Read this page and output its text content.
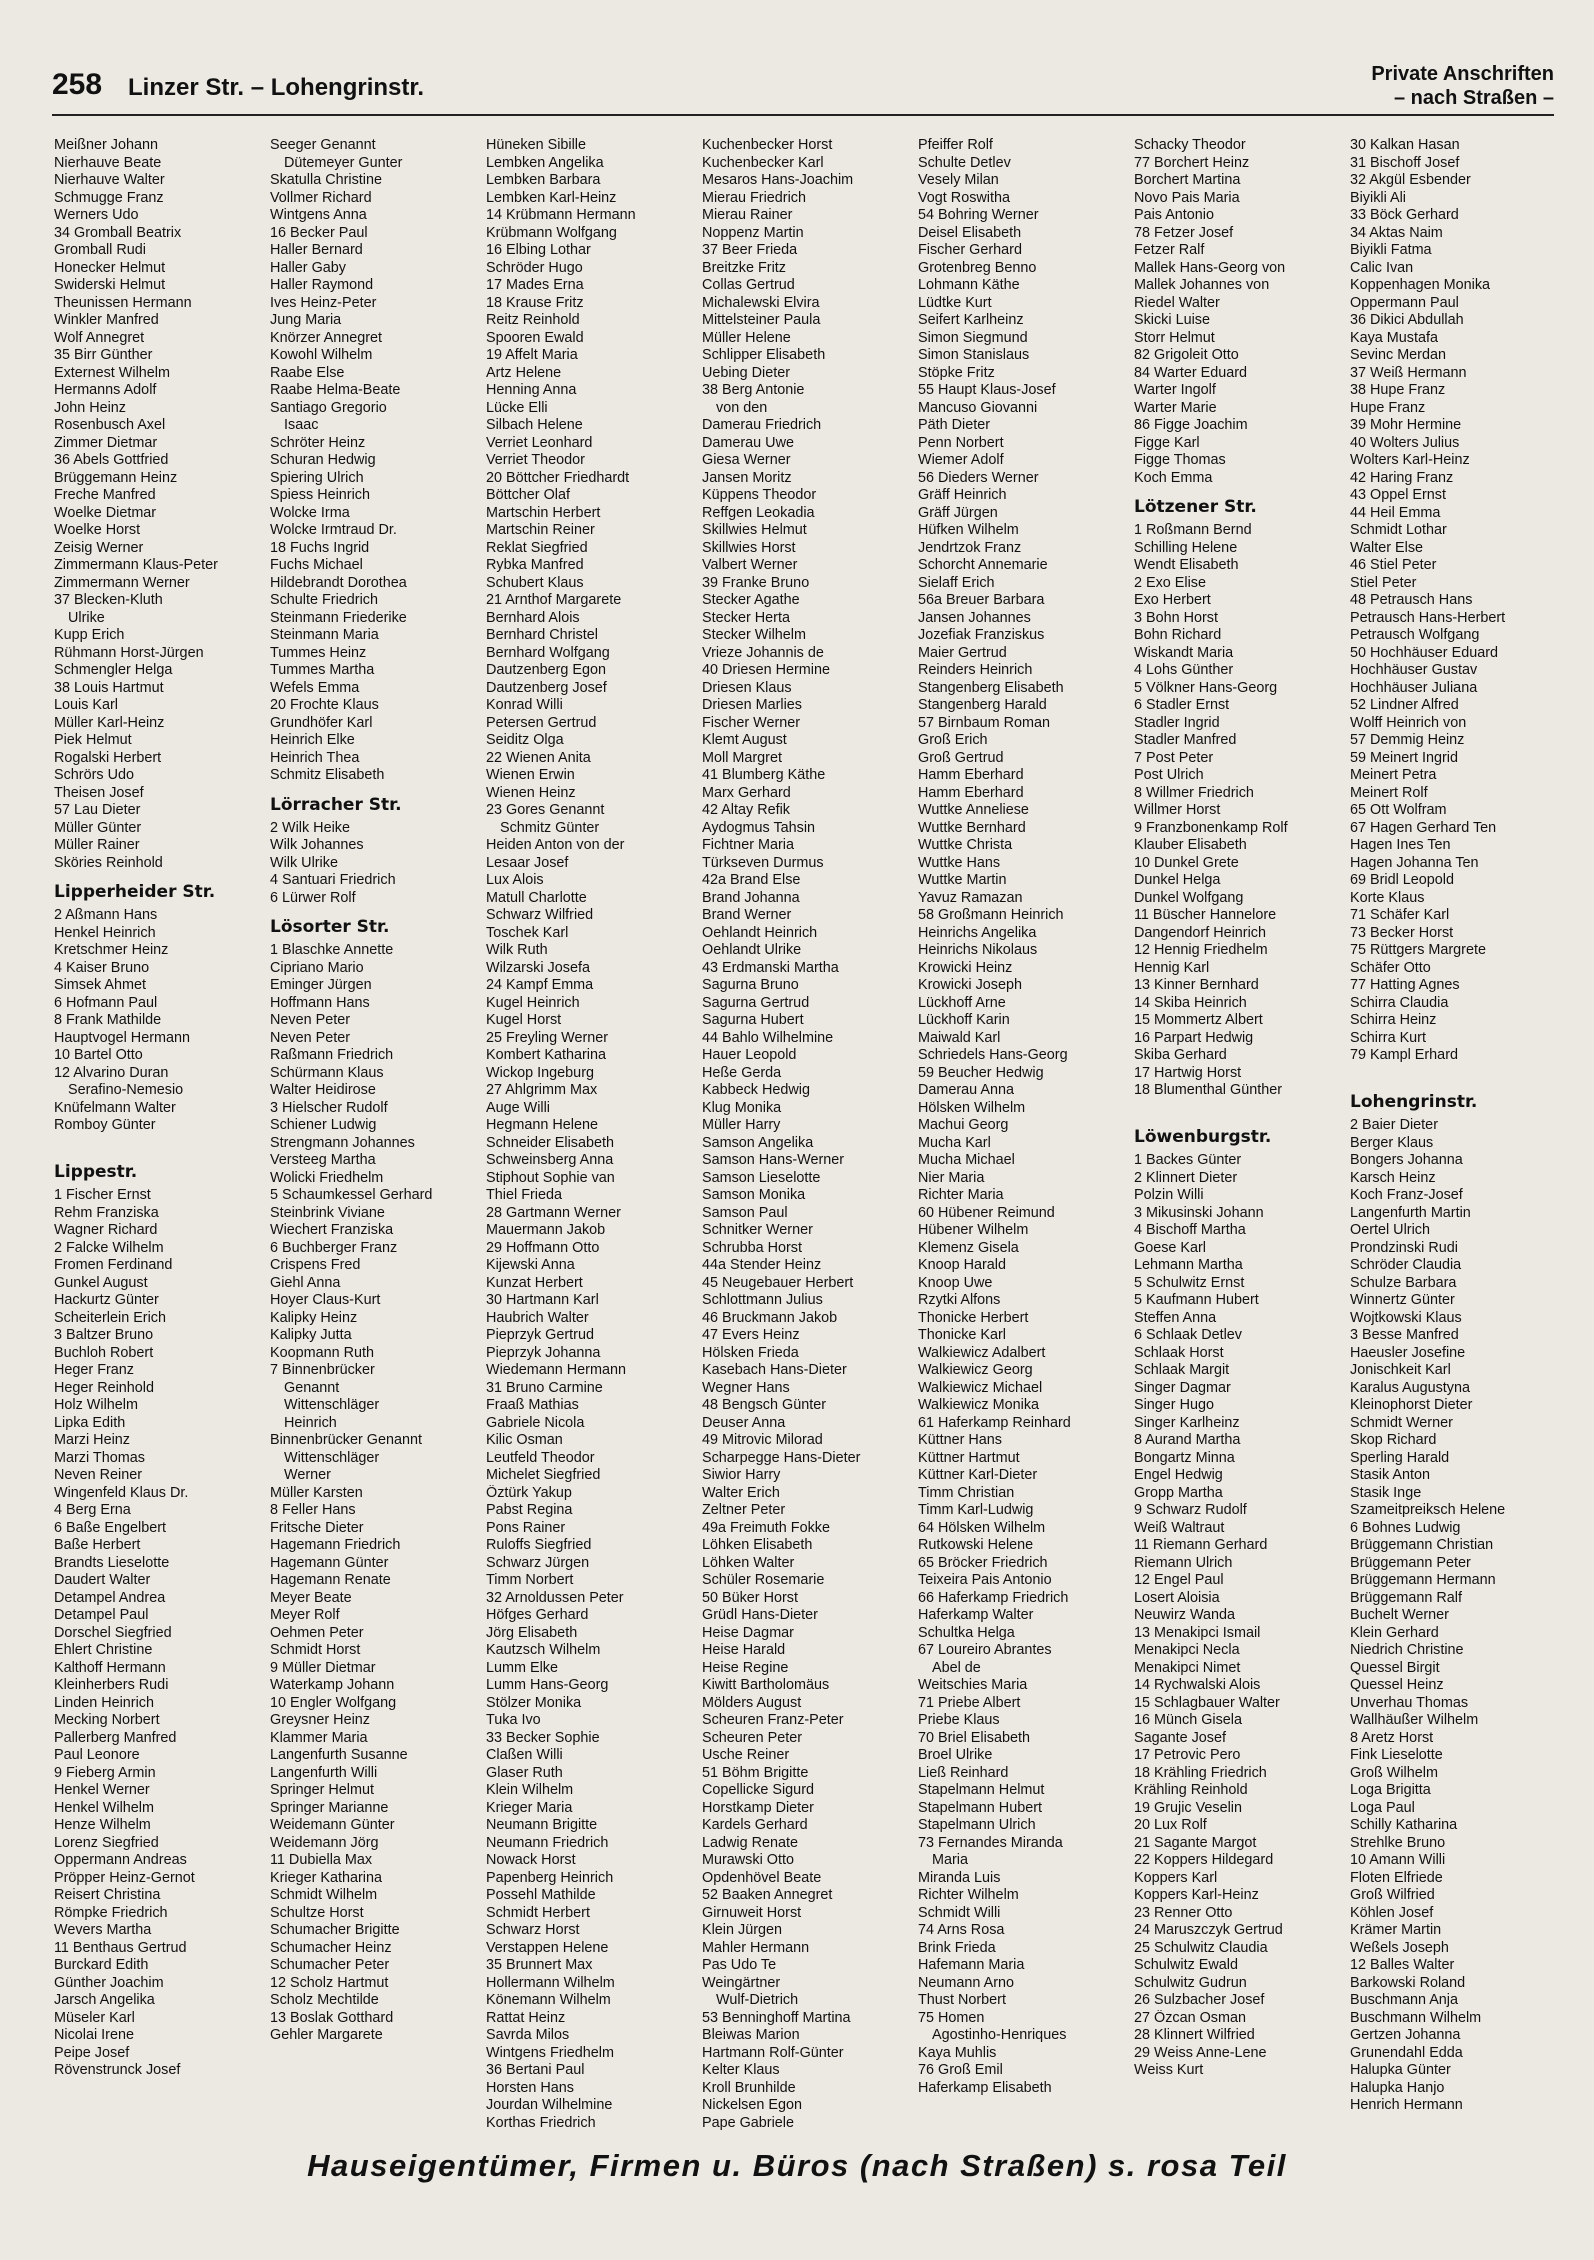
258 Linzer Str. – Lohengrinstr.	Private Anschriften
– nach Straßen –
Meißner Johann
Nierhauve Beate
Nierhauve Walter
Schmugge Franz
Werners Udo
34 Gromball Beatrix
Gromball Rudi
Honecker Helmut
Swiderski Helmut
Theunissen Hermann
Winkler Manfred
Wolf Annegret
35 Birr Günther
Externest Wilhelm
Hermanns Adolf
John Heinz
Rosenbusch Axel
Zimmer Dietmar
36 Abels Gottfried
Brüggemann Heinz
Freche Manfred
Woelke Dietmar
Woelke Horst
Zeisig Werner
Zimmermann Klaus-Peter
Zimmermann Werner
37 Blecken-Kluth
Ulrike
Kupp Erich
Rühmann Horst-Jürgen
Schmengler Helga
38 Louis Hartmut
Louis Karl
Müller Karl-Heinz
Piek Helmut
Rogalski Herbert
Schrörs Udo
Theisen Josef
57 Lau Dieter
Müller Günter
Müller Rainer
Sköries Reinhold
Lipperheider Str.
2 Aßmann Hans
Henkel Heinrich
Kretschmer Heinz
4 Kaiser Bruno
Simsek Ahmet
6 Hofmann Paul
8 Frank Mathilde
Hauptvogel Hermann
10 Bartel Otto
12 Alvarino Duran
Serafino-Nemesio
Knüfelmann Walter
Romboy Günter
Lippestr.
1 Fischer Ernst
Rehm Franziska
Wagner Richard
2 Falcke Wilhelm
Fromen Ferdinand
Gunkel August
Hackurtz Günter
Scheiterlein Erich
3 Baltzer Bruno
Buchloh Robert
Heger Franz
Heger Reinhold
Holz Wilhelm
Lipka Edith
Marzi Heinz
Marzi Thomas
Neven Reiner
Wingenfeld Klaus Dr.
4 Berg Erna
6 Baße Engelbert
Baße Herbert
Brandts Lieselotte
Daudert Walter
Detampel Andrea
Detampel Paul
Dorschel Siegfried
Ehlert Christine
Kalthoff Hermann
Kleinherbers Rudi
Linden Heinrich
Mecking Norbert
Pallerberg Manfred
Paul Leonore
9 Fieberg Armin
Henkel Werner
Henkel Wilhelm
Henze Wilhelm
Lorenz Siegfried
Oppermann Andreas
Pröpper Heinz-Gernot
Reisert Christina
Römpke Friedrich
Wevers Martha
11 Benthaus Gertrud
Burckard Edith
Günther Joachim
Jarsch Angelika
Müseler Karl
Nicolai Irene
Peipe Josef
Rövenstrunck Josef
Seeger Genannt
Dütemeyer Gunter
Skatulla Christine
Vollmer Richard
Wintgens Anna
16 Becker Paul
Haller Bernard
Haller Gaby
Haller Raymond
Ives Heinz-Peter
Jung Maria
Knörzer Annegret
Kowohl Wilhelm
Raabe Else
Raabe Helma-Beate
Santiago Gregorio
Isaac
Schröter Heinz
Schuran Hedwig
Spiering Ulrich
Spiess Heinrich
Wolcke Irma
Wolcke Irmtraud Dr.
18 Fuchs Ingrid
Fuchs Michael
Hildebrandt Dorothea
Schulte Friedrich
Steinmann Friederike
Steinmann Maria
Tummes Heinz
Tummes Martha
Wefels Emma
20 Frochte Klaus
Grundhöfer Karl
Heinrich Elke
Heinrich Thea
Schmitz Elisabeth
Lörracher Str.
2 Wilk Heike
Wilk Johannes
Wilk Ulrike
4 Santuari Friedrich
6 Lürwer Rolf
Lösorter Str.
1 Blaschke Annette
Cipriano Mario
Eminger Jürgen
Hoffmann Hans
Neven Peter
Neven Peter
Raßmann Friedrich
Schürmann Klaus
Walter Heidirose
3 Hielscher Rudolf
Schiener Ludwig
Strengmann Johannes
Versteeg Martha
Wolicki Friedhelm
5 Schaumkessel Gerhard
Steinbrink Viviane
Wiechert Franziska
6 Buchberger Franz
Crispens Fred
Giehl Anna
Hoyer Claus-Kurt
Kalipky Heinz
Kalipky Jutta
Koopmann Ruth
7 Binnenbrücker
Genannt
Wittenschläger
Heinrich
Binnenbrücker Genannt
Wittenschläger
Werner
Müller Karsten
8 Feller Hans
Fritsche Dieter
Hagemann Friedrich
Hagemann Günter
Hagemann Renate
Meyer Beate
Meyer Rolf
Oehmen Peter
Schmidt Horst
9 Müller Dietmar
Waterkamp Johann
10 Engler Wolfgang
Greysner Heinz
Klammer Maria
Langenfurth Susanne
Langenfurth Willi
Springer Helmut
Springer Marianne
Weidemann Günter
Weidemann Jörg
11 Dubiella Max
Krieger Katharina
Schmidt Wilhelm
Schultze Horst
Schumacher Brigitte
Schumacher Heinz
Schumacher Peter
12 Scholz Hartmut
Scholz Mechtilde
13 Boslak Gotthard
Gehler Margarete
Hüneken Sibille
Lembken Angelika
Lembken Barbara
Lembken Karl-Heinz
14 Krübmann Hermann
Krübmann Wolfgang
16 Elbing Lothar
Schröder Hugo
17 Mades Erna
18 Krause Fritz
Reitz Reinhold
Spooren Ewald
19 Affelt Maria
Artz Helene
Henning Anna
Lücke Elli
Silbach Helene
Verriet Leonhard
Verriet Theodor
20 Böttcher Friedhardt
Böttcher Olaf
Martschin Herbert
Martschin Reiner
Reklat Siegfried
Rybka Manfred
Schubert Klaus
21 Arnthof Margarete
Bernhard Alois
Bernhard Christel
Bernhard Wolfgang
Dautzenberg Egon
Dautzenberg Josef
Konrad Willi
Petersen Gertrud
Seiditz Olga
22 Wienen Anita
Wienen Erwin
Wienen Heinz
23 Gores Genannt
Schmitz Günter
Heiden Anton von der
Lesaar Josef
Lux Alois
Matull Charlotte
Schwarz Wilfried
Toschek Karl
Wilk Ruth
Wilzarski Josefa
24 Kampf Emma
Kugel Heinrich
Kugel Horst
25 Freyling Werner
Kombert Katharina
Wickop Ingeburg
27 Ahlgrimm Max
Auge Willi
Hegmann Helene
Schneider Elisabeth
Schweinsberg Anna
Stiphout Sophie van
Thiel Frieda
28 Gartmann Werner
Mauermann Jakob
29 Hoffmann Otto
Kijewski Anna
Kunzat Herbert
30 Hartmann Karl
Haubrich Walter
Pieprzyk Gertrud
Pieprzyk Johanna
Wiedemann Hermann
31 Bruno Carmine
Fraaß Mathias
Gabriele Nicola
Kilic Osman
Leutfeld Theodor
Michelet Siegfried
Öztürk Yakup
Pabst Regina
Pons Rainer
Ruloffs Siegfried
Schwarz Jürgen
Timm Norbert
32 Arnoldussen Peter
Höfges Gerhard
Jörg Elisabeth
Kautzsch Wilhelm
Lumm Elke
Lumm Hans-Georg
Stölzer Monika
Tuka Ivo
33 Becker Sophie
Claßen Willi
Glaser Ruth
Klein Wilhelm
Krieger Maria
Neumann Brigitte
Neumann Friedrich
Nowack Horst
Papenberg Heinrich
Possehl Mathilde
Schmidt Herbert
Schwarz Horst
Verstappen Helene
35 Brunnert Max
Hollermann Wilhelm
Könemann Wilhelm
Rattat Heinz
Savrda Milos
Wintgens Friedhelm
36 Bertani Paul
Horsten Hans
Jourdan Wilhelmine
Korthas Friedrich
Kuchenbecker Horst
Kuchenbecker Karl
Mesaros Hans-Joachim
Mierau Friedrich
Mierau Rainer
Noppenz Martin
37 Beer Frieda
Breitzke Fritz
Collas Gertrud
Michalewski Elvira
Mittelsteiner Paula
Müller Helene
Schlipper Elisabeth
Uebing Dieter
38 Berg Antonie
von den
Damerau Friedrich
Damerau Uwe
Giesa Werner
Jansen Moritz
Küppens Theodor
Reffgen Leokadia
Skillwies Helmut
Skillwies Horst
Valbert Werner
39 Franke Bruno
Stecker Agathe
Stecker Herta
Stecker Wilhelm
Vrieze Johannis de
40 Driesen Hermine
Driesen Klaus
Driesen Marlies
Fischer Werner
Klemt August
Moll Margret
41 Blumberg Käthe
Marx Gerhard
42 Altay Refik
Aydogmus Tahsin
Fichtner Maria
Türkseven Durmus
42a Brand Else
Brand Johanna
Brand Werner
Oehlandt Heinrich
Oehlandt Ulrike
43 Erdmanski Martha
Sagurna Bruno
Sagurna Gertrud
Sagurna Hubert
44 Bahlo Wilhelmine
Hauer Leopold
Heße Gerda
Kabbeck Hedwig
Klug Monika
Müller Harry
Samson Angelika
Samson Hans-Werner
Samson Lieselotte
Samson Monika
Samson Paul
Schnitker Werner
Schrubba Horst
44a Stender Heinz
45 Neugebauer Herbert
Schlottmann Julius
46 Bruckmann Jakob
47 Evers Heinz
Hölsken Frieda
Kasebach Hans-Dieter
Wegner Hans
48 Bengsch Günter
Deuser Anna
49 Mitrovic Milorad
Scharpegge Hans-Dieter
Siwior Harry
Walter Erich
Zeltner Peter
49a Freimuth Fokke
Löhken Elisabeth
Löhken Walter
Schüler Rosemarie
50 Büker Horst
Grüdl Hans-Dieter
Heise Dagmar
Heise Harald
Heise Regine
Kiwitt Bartholomäus
Mölders August
Scheuren Franz-Peter
Scheuren Peter
Usche Reiner
51 Böhm Brigitte
Copellicke Sigurd
Horstkamp Dieter
Kardels Gerhard
Ladwig Renate
Murawski Otto
Opdenhövel Beate
52 Baaken Annegret
Girnuweit Horst
Klein Jürgen
Mahler Hermann
Pas Udo Te
Weingärtner
Wulf-Dietrich
53 Benninghoff Martina
Bleiwas Marion
Hartmann Rolf-Günter
Kelter Klaus
Kroll Brunhilde
Nickelsen Egon
Pape Gabriele
Pfeiffer Rolf
Schulte Detlev
Vesely Milan
Vogt Roswitha
54 Bohring Werner
Deisel Elisabeth
Fischer Gerhard
Grotenbreg Benno
Lohmann Käthe
Lüdtke Kurt
Seifert Karlheinz
Simon Siegmund
Simon Stanislaus
Stöpke Fritz
55 Haupt Klaus-Josef
Mancuso Giovanni
Päth Dieter
Penn Norbert
Wiemer Adolf
56 Dieders Werner
Gräff Heinrich
Gräff Jürgen
Hüfken Wilhelm
Jendrtzok Franz
Schorcht Annemarie
Sielaff Erich
56a Breuer Barbara
Jansen Johannes
Jozefiak Franziskus
Maier Gertrud
Reinders Heinrich
Stangenberg Elisabeth
Stangenberg Harald
57 Birnbaum Roman
Groß Erich
Groß Gertrud
Hamm Eberhard
Hamm Eberhard
Wuttke Anneliese
Wuttke Bernhard
Wuttke Christa
Wuttke Hans
Wuttke Martin
Yavuz Ramazan
58 Großmann Heinrich
Heinrichs Angelika
Heinrichs Nikolaus
Krowicki Heinz
Krowicki Joseph
Lückhoff Arne
Lückhoff Karin
Maiwald Karl
Schriedels Hans-Georg
59 Beucher Hedwig
Damerau Anna
Hölsken Wilhelm
Machui Georg
Mucha Karl
Mucha Michael
Nier Maria
Richter Maria
60 Hübener Reimund
Hübener Wilhelm
Klemenz Gisela
Knoop Harald
Knoop Uwe
Rzytki Alfons
Thonicke Herbert
Thonicke Karl
Walkiewicz Adalbert
Walkiewicz Georg
Walkiewicz Michael
Walkiewicz Monika
61 Haferkamp Reinhard
Küttner Hans
Küttner Hartmut
Küttner Karl-Dieter
Timm Christian
Timm Karl-Ludwig
64 Hölsken Wilhelm
Rutkowski Helene
65 Bröcker Friedrich
Teixeira Pais Antonio
66 Haferkamp Friedrich
Haferkamp Walter
Schultka Helga
67 Loureiro Abrantes
Abel de
Weitschies Maria
71 Priebe Albert
Priebe Klaus
70 Briel Elisabeth
Broel Ulrike
Ließ Reinhard
Stapelmann Helmut
Stapelmann Hubert
Stapelmann Ulrich
73 Fernandes Miranda
Maria
Miranda Luis
Richter Wilhelm
Schmidt Willi
74 Arns Rosa
Brink Frieda
Hafemann Maria
Neumann Arno
Thust Norbert
75 Homen
Agostinho-Henriques
Kaya Muhlis
76 Groß Emil
Haferkamp Elisabeth
Schacky Theodor
77 Borchert Heinz
Borchert Martina
Novo Pais Maria
Pais Antonio
78 Fetzer Josef
Fetzer Ralf
Mallek Hans-Georg von
Mallek Johannes von
Riedel Walter
Skicki Luise
Storr Helmut
82 Grigoleit Otto
84 Warter Eduard
Warter Ingolf
Warter Marie
86 Figge Joachim
Figge Karl
Figge Thomas
Koch Emma
Lötzener Str.
1 Roßmann Bernd
Schilling Helene
Wendt Elisabeth
2 Exo Elise
Exo Herbert
3 Bohn Horst
Bohn Richard
Wiskandt Maria
4 Lohs Günther
5 Völkner Hans-Georg
6 Stadler Ernst
Stadler Ingrid
Stadler Manfred
7 Post Peter
Post Ulrich
8 Willmer Friedrich
Willmer Horst
9 Franzbonenkamp Rolf
Klauber Elisabeth
10 Dunkel Grete
Dunkel Helga
Dunkel Wolfgang
11 Büscher Hannelore
Dangendorf Heinrich
12 Hennig Friedhelm
Hennig Karl
13 Kinner Bernhard
14 Skiba Heinrich
15 Mommertz Albert
16 Parpart Hedwig
Skiba Gerhard
17 Hartwig Horst
18 Blumenthal Günther
Löwenburgstr.
1 Backes Günter
2 Klinnert Dieter
Polzin Willi
3 Mikusinski Johann
4 Bischoff Martha
Goese Karl
Lehmann Martha
5 Schulwitz Ernst
5 Kaufmann Hubert
Steffen Anna
6 Schlaak Detlev
Schlaak Horst
Schlaak Margit
Singer Dagmar
Singer Hugo
Singer Karlheinz
8 Aurand Martha
Bongartz Minna
Engel Hedwig
Gropp Martha
9 Schwarz Rudolf
Weiß Waltraut
11 Riemann Gerhard
Riemann Ulrich
12 Engel Paul
Losert Aloisia
Neuwirz Wanda
13 Menakipci Ismail
Menakipci Necla
Menakipci Nimet
14 Rychwalski Alois
15 Schlagbauer Walter
16 Münch Gisela
Sagante Josef
17 Petrovic Pero
18 Krähling Friedrich
Krähling Reinhold
19 Grujic Veselin
20 Lux Rolf
21 Sagante Margot
22 Koppers Hildegard
Koppers Karl
Koppers Karl-Heinz
23 Renner Otto
24 Maruszczyk Gertrud
25 Schulwitz Claudia
Schulwitz Ewald
Schulwitz Gudrun
26 Sulzbacher Josef
27 Özcan Osman
28 Klinnert Wilfried
29 Weiss Anne-Lene
Weiss Kurt
30 Kalkan Hasan
31 Bischoff Josef
32 Akgül Esbender
Biyikli Ali
33 Böck Gerhard
34 Aktas Naim
Biyikli Fatma
Calic Ivan
Koppenhagen Monika
Oppermann Paul
36 Dikici Abdullah
Kaya Mustafa
Sevinc Merdan
37 Weiß Hermann
38 Hupe Franz
Hupe Franz
39 Mohr Hermine
40 Wolters Julius
Wolters Karl-Heinz
42 Haring Franz
43 Oppel Ernst
44 Heil Emma
Schmidt Lothar
Walter Else
46 Stiel Peter
Stiel Peter
48 Petrausch Hans
Petrausch Hans-Herbert
Petrausch Wolfgang
50 Hochhäuser Eduard
Hochhäuser Gustav
Hochhäuser Juliana
52 Lindner Alfred
Wolff Heinrich von
57 Demmig Heinz
59 Meinert Ingrid
Meinert Petra
Meinert Rolf
65 Ott Wolfram
67 Hagen Gerhard Ten
Hagen Ines Ten
Hagen Johanna Ten
69 Bridl Leopold
Korte Klaus
71 Schäfer Karl
73 Becker Horst
75 Rüttgers Margrete
Schäfer Otto
77 Hatting Agnes
Schirra Claudia
Schirra Heinz
Schirra Kurt
79 Kampl Erhard
Lohengrinstr.
2 Baier Dieter
Berger Klaus
Bongers Johanna
Karsch Heinz
Koch Franz-Josef
Langenfurth Martin
Oertel Ulrich
Prondzinski Rudi
Schröder Claudia
Schulze Barbara
Winnertz Günter
Wojtkowski Klaus
3 Besse Manfred
Haeusler Josefine
Jonischkeit Karl
Karalus Augustyna
Kleinophorst Dieter
Schmidt Werner
Skop Richard
Sperling Harald
Stasik Anton
Stasik Inge
Szameitpreiksch Helene
6 Bohnes Ludwig
Brüggemann Christian
Brüggemann Peter
Brüggemann Hermann
Brüggemann Ralf
Buchelt Werner
Klein Gerhard
Niedrich Christine
Quessel Birgit
Quessel Heinz
Unverhau Thomas
Wallhäußer Wilhelm
8 Aretz Horst
Fink Lieselotte
Groß Wilhelm
Loga Brigitta
Loga Paul
Schilly Katharina
Strehlke Bruno
10 Amann Willi
Floten Elfriede
Groß Wilfried
Köhlen Josef
Krämer Martin
Weßels Joseph
12 Balles Walter
Barkowski Roland
Buschmann Anja
Buschmann Wilhelm
Gertzen Johanna
Grunendahl Edda
Halupka Günter
Halupka Hanjo
Henrich Hermann
Hauseigentümer, Firmen u. Büros (nach Straßen) s. rosa Teil
